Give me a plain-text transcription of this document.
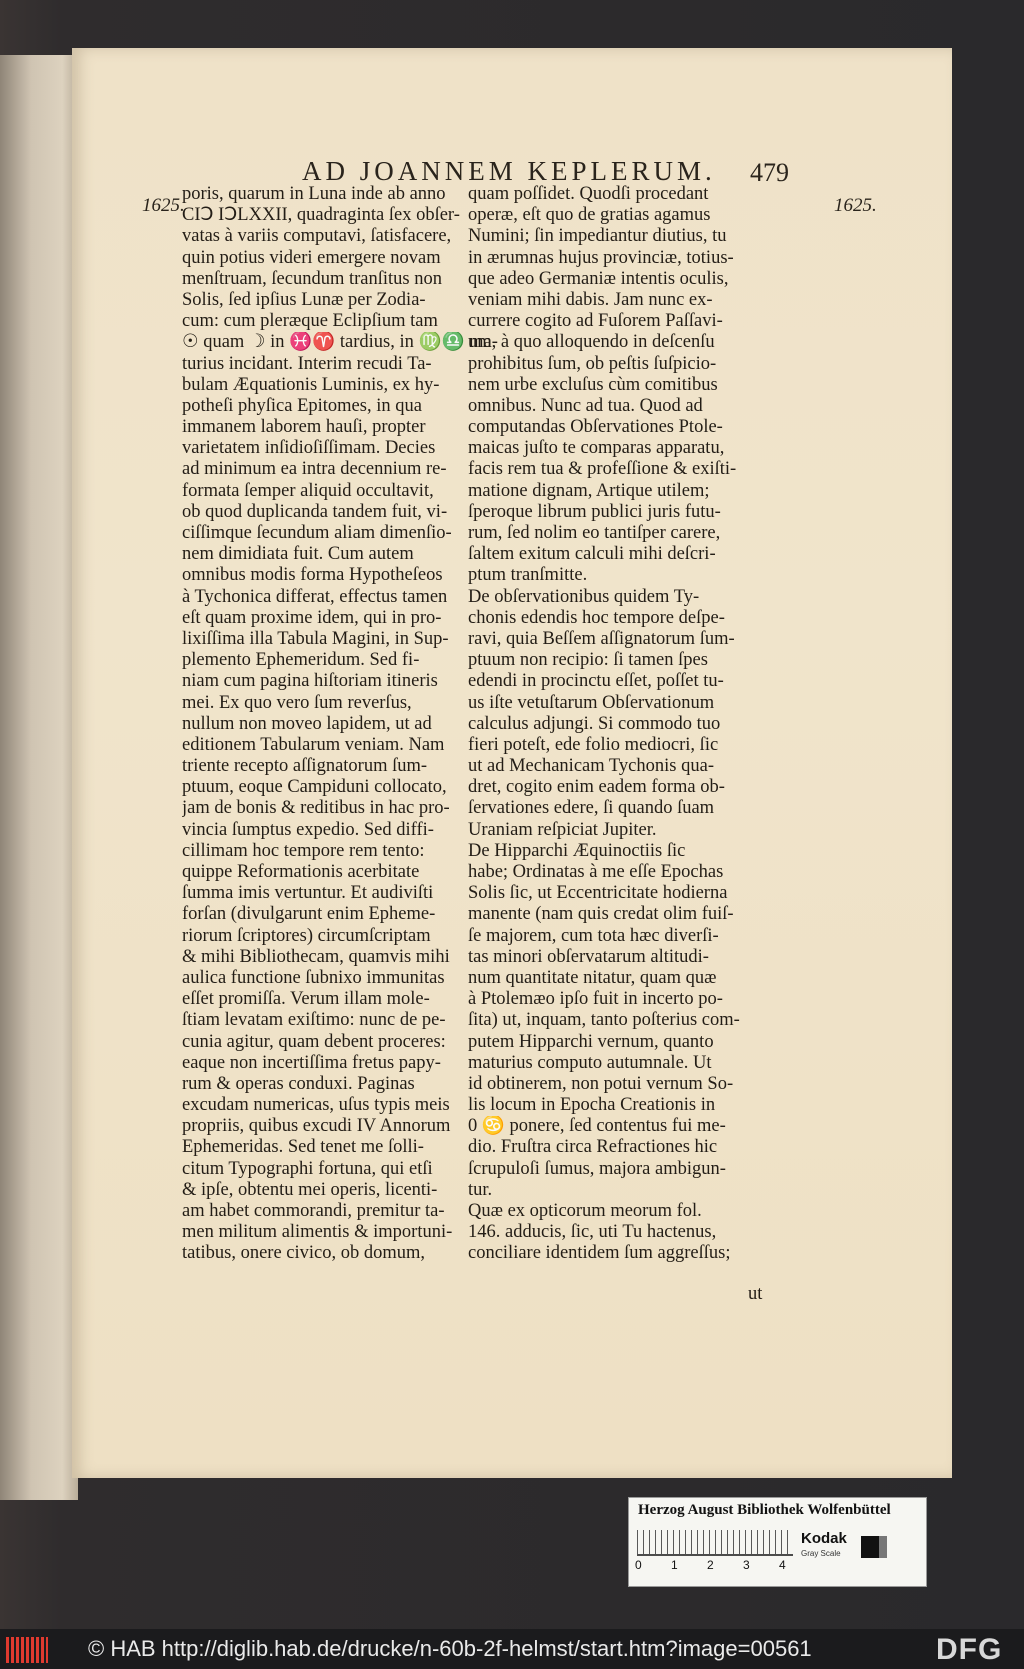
AD JOANNEM KEPLERUM. 479
1625.	1625.
poris, quarum in Luna inde ab anno
CIↃ IↃLXXII, quadraginta ſex obſer-
vatas à variis computavi, ſatisfacere,
quin potius videri emergere novam
menſtruam, ſecundum tranſitus non
Solis, ſed ipſius Lunæ per Zodia-
cum: cum pleræque Eclipſium tam
☉ quam ☽ in ♓♈ tardius, in ♍♎ ma-
turius incidant. Interim recudi Ta-
bulam Æquationis Luminis, ex hy-
potheſi phyſica Epitomes, in qua
immanem laborem hauſi, propter
varietatem inſidioſiſſimam. Decies
ad minimum ea intra decennium re-
formata ſemper aliquid occultavit,
ob quod duplicanda tandem fuit, vi-
ciſſimque ſecundum aliam dimenſio-
nem dimidiata fuit. Cum autem
omnibus modis forma Hypotheſeos
à Tychonica differat, effectus tamen
eſt quam proxime idem, qui in pro-
lixiſſima illa Tabula Magini, in Sup-
plemento Ephemeridum. Sed fi-
niam cum pagina hiſtoriam itineris
mei. Ex quo vero ſum reverſus,
nullum non moveo lapidem, ut ad
editionem Tabularum veniam. Nam
triente recepto aſſignatorum ſum-
ptuum, eoque Campiduni collocato,
jam de bonis & reditibus in hac pro-
vincia ſumptus expedio. Sed diffi-
cillimam hoc tempore rem tento:
quippe Reformationis acerbitate
ſumma imis vertuntur. Et audiviſti
forſan (divulgarunt enim Epheme-
riorum ſcriptores) circumſcriptam
& mihi Bibliothecam, quamvis mihi
aulica functione ſubnixo immunitas
eſſet promiſſa. Verum illam mole-
ſtiam levatam exiſtimo: nunc de pe-
cunia agitur, quam debent proceres:
eaque non incertiſſima fretus papy-
rum & operas conduxi. Paginas
excudam numericas, uſus typis meis
propriis, quibus excudi IV Annorum
Ephemeridas. Sed tenet me ſolli-
citum Typographi fortuna, qui etſi
& ipſe, obtentu mei operis, licenti-
am habet commorandi, premitur ta-
men militum alimentis & importuni-
tatibus, onere civico, ob domum,
quam poſſidet. Quodſi procedant
operæ, eſt quo de gratias agamus
Numini; ſin impediantur diutius, tu
in ærumnas hujus provinciæ, totius-
que adeo Germaniæ intentis oculis,
veniam mihi dabis. Jam nunc ex-
currere cogito ad Fuſorem Paſſavi-
um, à quo alloquendo in deſcenſu
prohibitus ſum, ob peſtis ſuſpicio-
nem urbe excluſus cùm comitibus
omnibus. Nunc ad tua. Quod ad
computandas Obſervationes Ptole-
maicas juſto te comparas apparatu,
facis rem tua & profeſſione & exiſti-
matione dignam, Artique utilem;
ſperoque librum publici juris futu-
rum, ſed nolim eo tantiſper carere,
ſaltem exitum calculi mihi deſcri-
ptum tranſmitte.
De obſervationibus quidem Ty-
chonis edendis hoc tempore deſpe-
ravi, quia Beſſem aſſignatorum ſum-
ptuum non recipio: ſi tamen ſpes
edendi in procinctu eſſet, poſſet tu-
us iſte vetuſtarum Obſervationum
calculus adjungi. Si commodo tuo
fieri poteſt, ede folio mediocri, ſic
ut ad Mechanicam Tychonis qua-
dret, cogito enim eadem forma ob-
ſervationes edere, ſi quando ſuam
Uraniam reſpiciat Jupiter.
De Hipparchi Æquinoctiis ſic
habe; Ordinatas à me eſſe Epochas
Solis ſic, ut Eccentricitate hodierna
manente (nam quis credat olim fuiſ-
ſe majorem, cum tota hæc diverſi-
tas minori obſervatarum altitudi-
num quantitate nitatur, quam quæ
à Ptolemæo ipſo fuit in incerto po-
ſita) ut, inquam, tanto poſterius com-
putem Hipparchi vernum, quanto
maturius computo autumnale. Ut
id obtinerem, non potui vernum So-
lis locum in Epocha Creationis in
0 ♋ ponere, ſed contentus fui me-
dio. Fruſtra circa Refractiones hic
ſcrupuloſi ſumus, majora ambigun-
tur.
Quæ ex opticorum meorum fol.
146. adducis, ſic, uti Tu hactenus,
conciliare identidem ſum aggreſſus;
ut
Herzog August Bibliothek Wolfenbüttel
0 1 2 3 4
Kodak
Gray Scale
© HAB http://diglib.hab.de/drucke/n-60b-2f-helmst/start.htm?image=00561	DFG
